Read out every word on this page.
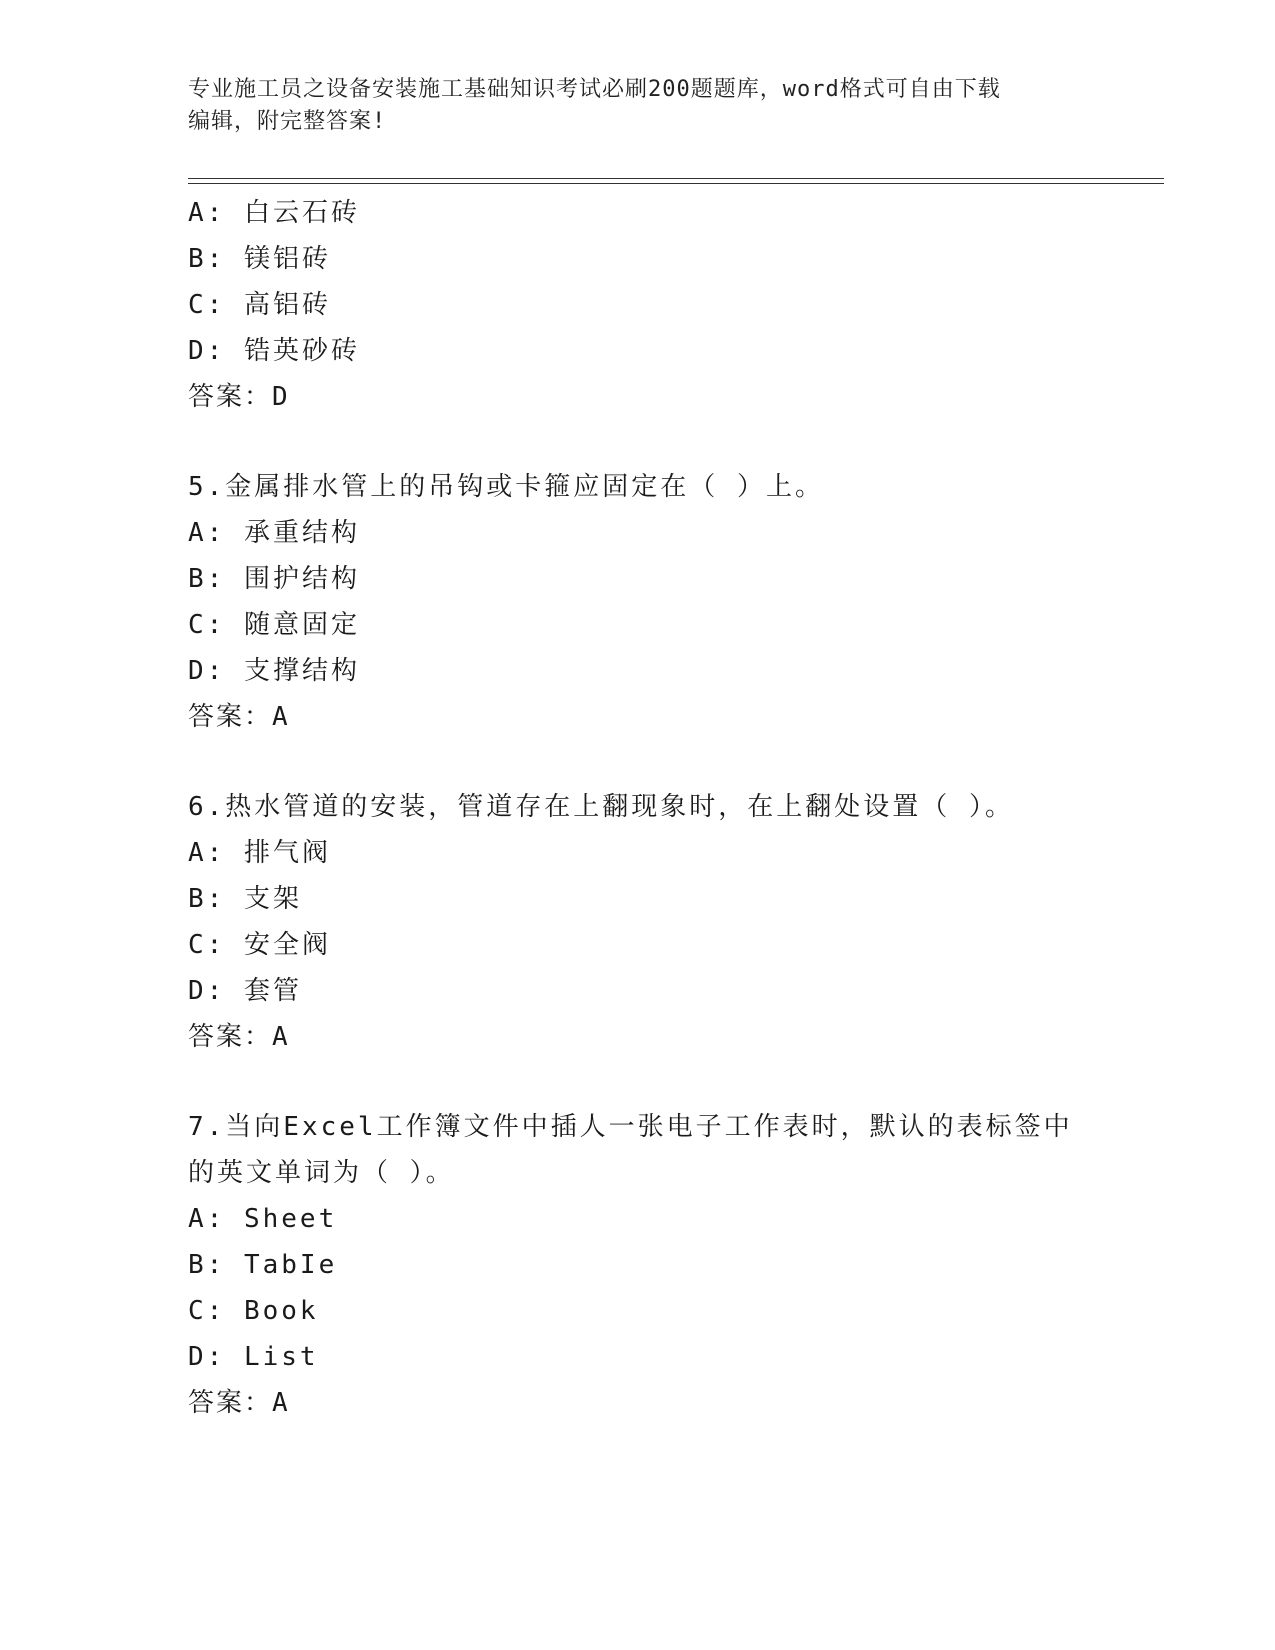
专业施工员之设备安装施工基础知识考试必刷200题题库，word格式可自由下载
编辑，附完整答案!
A: 白云石砖
B: 镁铝砖
C: 高铝砖
D: 锆英砂砖
答案：D
5.金属排水管上的吊钩或卡箍应固定在（ ）上。
A: 承重结构
B: 围护结构
C: 随意固定
D: 支撑结构
答案：A
6.热水管道的安装，管道存在上翻现象时，在上翻处设置（ ）。
A: 排气阀
B: 支架
C: 安全阀
D: 套管
答案：A
7.当向Excel工作簿文件中插人一张电子工作表时，默认的表标签中
的英文单词为（ ）。
A: Sheet
B: TabIe
C: Book
D: List
答案：A
